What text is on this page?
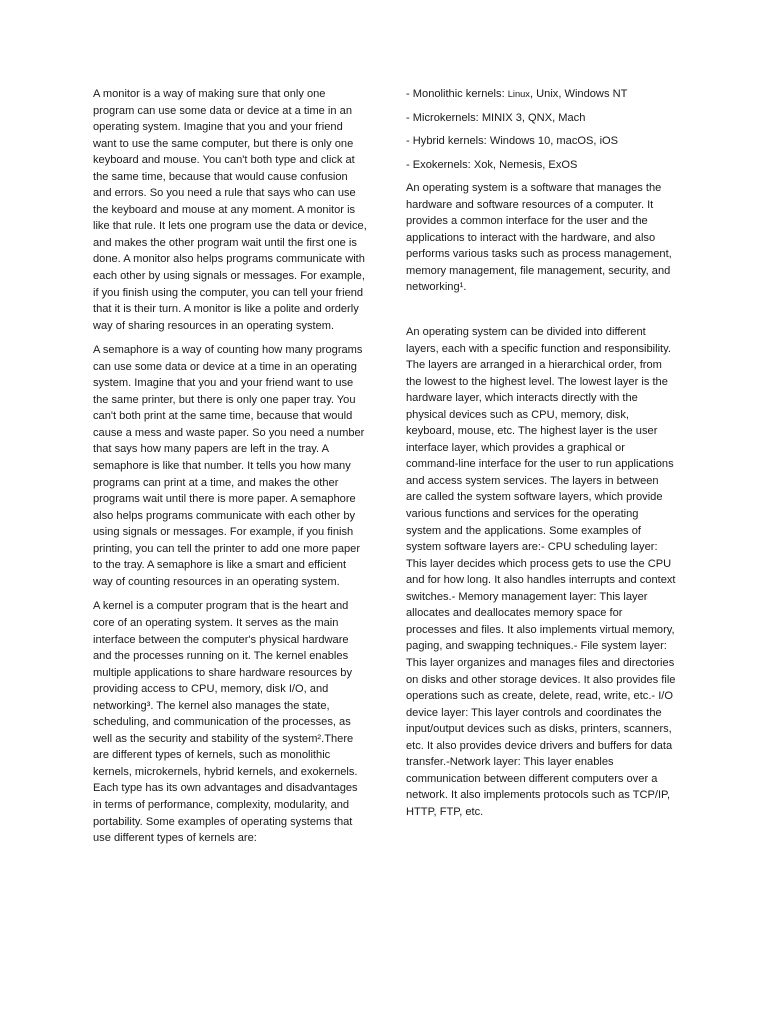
A monitor is a way of making sure that only one program can use some data or device at a time in an operating system. Imagine that you and your friend want to use the same computer, but there is only one keyboard and mouse. You can't both type and click at the same time, because that would cause confusion and errors. So you need a rule that says who can use the keyboard and mouse at any moment. A monitor is like that rule. It lets one program use the data or device, and makes the other program wait until the first one is done. A monitor also helps programs communicate with each other by using signals or messages. For example, if you finish using the computer, you can tell your friend that it is their turn. A monitor is like a polite and orderly way of sharing resources in an operating system.

A semaphore is a way of counting how many programs can use some data or device at a time in an operating system. Imagine that you and your friend want to use the same printer, but there is only one paper tray. You can't both print at the same time, because that would cause a mess and waste paper. So you need a number that says how many papers are left in the tray. A semaphore is like that number. It tells you how many programs can print at a time, and makes the other programs wait until there is more paper. A semaphore also helps programs communicate with each other by using signals or messages. For example, if you finish printing, you can tell the printer to add one more paper to the tray. A semaphore is like a smart and efficient way of counting resources in an operating system.

A kernel is a computer program that is the heart and core of an operating system. It serves as the main interface between the computer's physical hardware and the processes running on it. The kernel enables multiple applications to share hardware resources by providing access to CPU, memory, disk I/O, and networking³. The kernel also manages the state, scheduling, and communication of the processes, as well as the security and stability of the system².There are different types of kernels, such as monolithic kernels, microkernels, hybrid kernels, and exokernels. Each type has its own advantages and disadvantages in terms of performance, complexity, modularity, and portability. Some examples of operating systems that use different types of kernels are:

- Monolithic kernels: Linux, Unix, Windows NT

- Microkernels: MINIX 3, QNX, Mach

- Hybrid kernels: Windows 10, macOS, iOS

- Exokernels: Xok, Nemesis, ExOS

An operating system is a software that manages the hardware and software resources of a computer. It provides a common interface for the user and the applications to interact with the hardware, and also performs various tasks such as process management, memory management, file management, security, and networking¹.

An operating system can be divided into different layers, each with a specific function and responsibility. The layers are arranged in a hierarchical order, from the lowest to the highest level. The lowest layer is the hardware layer, which interacts directly with the physical devices such as CPU, memory, disk, keyboard, mouse, etc. The highest layer is the user interface layer, which provides a graphical or command-line interface for the user to run applications and access system services. The layers in between are called the system software layers, which provide various functions and services for the operating system and the applications. Some examples of system software layers are:- CPU scheduling layer: This layer decides which process gets to use the CPU and for how long. It also handles interrupts and context switches.- Memory management layer: This layer allocates and deallocates memory space for processes and files. It also implements virtual memory, paging, and swapping techniques.- File system layer: This layer organizes and manages files and directories on disks and other storage devices. It also provides file operations such as create, delete, read, write, etc.- I/O device layer: This layer controls and coordinates the input/output devices such as disks, printers, scanners, etc. It also provides device drivers and buffers for data transfer.-Network layer: This layer enables communication between different computers over a network. It also implements protocols such as TCP/IP, HTTP, FTP, etc.
